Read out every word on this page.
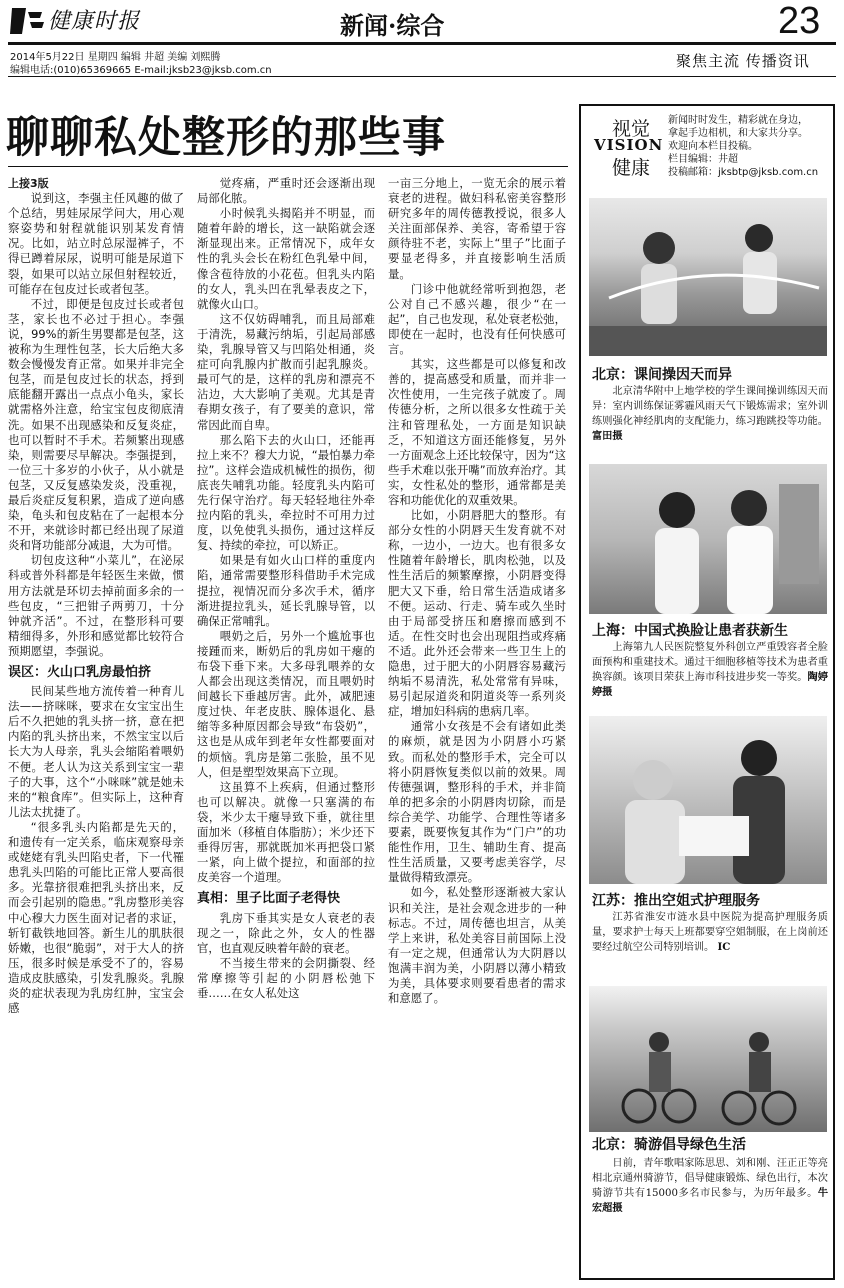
健康时报	新闻·综合	23
2014年5月22日 星期四 编辑 井超 美编 刘熙腾
编辑电话:(010)65369665 E-mail:jksb23@jksb.com.cn
聚焦主流 传播资讯
聊聊私处整形的那些事

上接3版

说到这，李强主任风趣的做了个总结，男娃尿尿学问大，用心观察姿势和射程就能识别某发育情况。比如，站立时总尿湿裤子，不得已蹲着尿尿，说明可能是尿道下裂，如果可以站立尿但射程较近，可能存在包皮过长或者包茎。

不过，即便是包皮过长或者包茎，家长也不必过于担心。李强说，99%的新生男婴都是包茎，这被称为生理性包茎，长大后绝大多数会慢慢发育正常。如果并非完全包茎，而是包皮过长的状态，捋到底能翻开露出一点点小龟头，家长就需格外注意，给宝宝包皮彻底清洗。如果不出现感染和反复炎症，也可以暂时不手术。若频繁出现感染，则需要尽早解决。李强提到，一位三十多岁的小伙子，从小就是包茎，又反复感染发炎，没重视，最后炎症反复积累，造成了逆向感染，龟头和包皮粘在了一起根本分不开，来就诊时都已经出现了尿道炎和肾功能部分减退，大为可惜。

切包皮这种“小菜儿”，在泌尿科或普外科都是年轻医生来做，惯用方法就是环切去掉前面多余的一些包皮，“三把钳子两剪刀，十分钟就齐活”。不过，在整形科可要精细得多，外形和感觉都比较符合预期愿望，李强说。

误区：火山口乳房最怕挤

民间某些地方流传着一种育儿法——挤咪咪，要求在女宝宝出生后不久把她的乳头挤一挤，意在把内陷的乳头挤出来，不然宝宝以后长大为人母亲，乳头会缩陷着喂奶不便。老人认为这关系到宝宝一辈子的大事，这个“小咪咪”就是她未来的“粮食库”。但实际上，这种育儿法太扰捷了。

“很多乳头内陷都是先天的，和遗传有一定关系，临床观察母亲或姥姥有乳头凹陷史者，下一代罹患乳头凹陷的可能比正常人要高很多。光靠挤很难把乳头挤出来，反而会引起别的隐患。”乳房整形美容中心穆大力医生面对记者的求证，斩钉截铁地回答。新生儿的肌肤很娇嫩，也很“脆弱”，对于大人的挤压，很多时候是承受不了的，容易造成皮肤感染，引发乳腺炎。乳腺炎的症状表现为乳房红肿，宝宝会感

觉疼痛，严重时还会逐渐出现局部化脓。

小时候乳头揭陷并不明显，而随着年龄的增长，这一缺陷就会逐渐显现出来。正常情况下，成年女性的乳头会长在粉红色乳晕中间，像含苞待放的小花苞。但乳头内陷的女人，乳头凹在乳晕表皮之下，就像火山口。

这不仅妨碍哺乳，而且局部难于清洗，易藏污纳垢，引起局部感染，乳腺导管又与凹陷处相通，炎症可向乳腺内扩散而引起乳腺炎。最可气的是，这样的乳房和漂亮不沾边，大大影响了美观。尤其是青春期女孩子，有了要美的意识，常常因此而自卑。

那么陷下去的火山口，还能再拉上来不？穆大力说，“最怕暴力牵拉”。这样会造成机械性的损伤，彻底丧失哺乳功能。轻度乳头内陷可先行保守治疗。每天轻轻地往外牵拉内陷的乳头，牵拉时不可用力过度，以免使乳头损伤，通过这样反复、持续的牵拉，可以矫正。

如果是有如火山口样的重度内陷，通常需要整形科借助手术完成提拉，视情况而分多次手术，循序渐进提拉乳头，延长乳腺导管，以确保正常哺乳。

喂奶之后，另外一个尴尬事也接踵而来，断奶后的乳房如干瘪的布袋下垂下来。大多母乳喂养的女人都会出现这类情况，而且喂奶时间越长下垂越厉害。此外，减肥速度过快、年老皮肤、腺体退化、悬缩等多种原因都会导致“布袋奶”，这也是从成年到老年女性都要面对的烦恼。乳房是第二张脸，虽不见人，但是塑型效果高下立现。

这虽算不上疾病，但通过整形也可以解决。就像一只塞满的布袋，米少太干瘪导致下垂，就往里面加米（移植自体脂肪）；米少还下垂得厉害，那就既加米再把袋口紧一紧，向上做个提拉，和面部的拉皮美容一个道理。

真相：里子比面子老得快

乳房下垂其实是女人衰老的表现之一，除此之外，女人的性器官，也直观反映着年龄的衰老。

不当接生带来的会阴撕裂、经常摩擦等引起的小阴唇松弛下垂……在女人私处这

一亩三分地上，一览无余的展示着衰老的进程。做妇科私密美容整形研究多年的周传德教授说，很多人关注面部保养、美容，寄希望于容颜待驻不老，实际上“里子”比面子要显老得多，并直接影响生活质量。

门诊中他就经常听到抱怨，老公对自己不感兴趣，很少“在一起”，自己也发现，私处衰老松弛，即使在一起时，也没有任何快感可言。

其实，这些都是可以修复和改善的，提高感受和质量，而并非一次性使用，一生完孩子就废了。周传德分析，之所以很多女性疏于关注和管理私处，一方面是知识缺乏，不知道这方面还能修复，另外一方面观念上还比较保守，因为“这些手术难以张开嘴”而放弃治疗。其实，女性私处的整形，通常都是美容和功能优化的双重效果。

比如，小阴唇肥大的整形。有部分女性的小阴唇天生发育就不对称，一边小，一边大。也有很多女性随着年龄增长，肌肉松弛，以及性生活后的频繁摩擦，小阴唇变得肥大又下垂，给日常生活造成诸多不便。运动、行走、骑车或久坐时由于局部受挤压和磨擦而感到不适。在性交时也会出现阻挡或疼痛不适。此外还会带来一些卫生上的隐患，过于肥大的小阴唇容易藏污纳垢不易清洗，私处常常有异味，易引起尿道炎和阴道炎等一系列炎症，增加妇科病的患病几率。

通常小女孩是不会有诸如此类的麻烦，就是因为小阴唇小巧紧致。而私处的整形手术，完全可以将小阴唇恢复类似以前的效果。周传德强调，整形科的手术，并非简单的把多余的小阴唇肉切除，而是综合美学、功能学、合理性等诸多要素，既要恢复其作为“门户”的功能性作用，卫生、辅助生育、提高性生活质量，又要考虑美容学，尽量做得精致漂亮。

如今，私处整形逐渐被大家认识和关注，是社会观念进步的一种标志。不过，周传德也坦言，从美学上来讲，私处美容目前国际上没有一定之规，但通常认为大阴唇以饱满丰润为美，小阴唇以薄小精致为美，具体要求则要看患者的需求和意愿了。

视觉
VISION
健康
新闻时时发生，精彩就在身边，
拿起手边相机，和大家共分享。
欢迎向本栏目投稿。
栏目编辑：井超
投稿邮箱：jksbtp@jksb.com.cn
北京：课间操因天而异

北京清华附中上地学校的学生课间操训练因天而异：室内训练保证雾霾风雨天气下锻炼需求；室外训练则强化神经肌肉的支配能力，练习跑跳投等功能。富田摄

上海：中国式换脸让患者获新生

上海第九人民医院整复外科创立严重毁容者全脸面预构和重建技术。通过干细胞移植等技术为患者重换容颜。该项目荣获上海市科技进步奖一等奖。陶婷婷摄

江苏：推出空姐式护理服务

江苏省淮安市涟水县中医院为提高护理服务质量，要求护士每天上班都要穿空姐制服，在上岗前还要经过航空公司特别培训。 IC

北京：骑游倡导绿色生活

日前，青年歌唱家陈思思、刘和刚、汪正正等亮相北京通州骑游节，倡导健康锻炼、绿色出行，本次骑游节共有15000多名市民参与，为历年最多。牛宏超摄
